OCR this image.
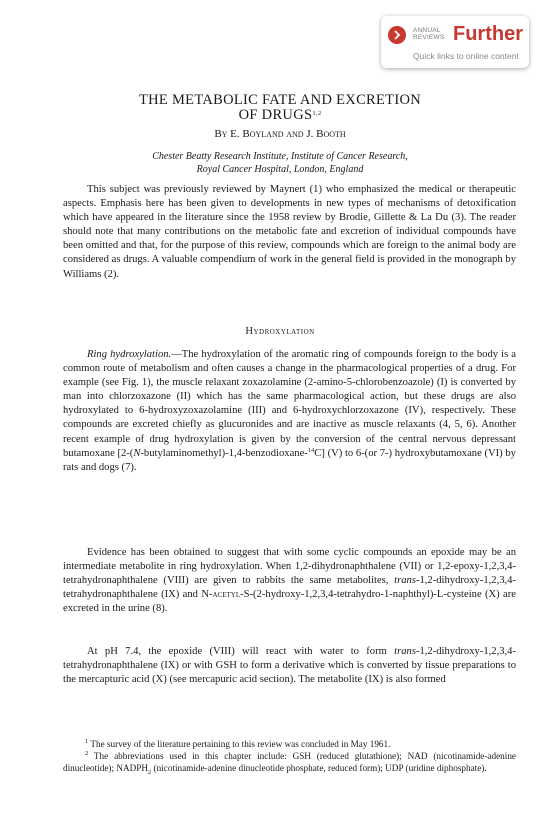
ANNUAL
REVIEWS Further
Quick links to online content
THE METABOLIC FATE AND EXCRETION
OF DRUGS$^{1,2}$
By E. Boyland and J. Booth
Chester Beatty Research Institute, Institute of Cancer Research,
Royal Cancer Hospital, London, England

This subject was previously reviewed by Maynert (1) who emphasized the medical or therapeutic aspects. Emphasis here has been given to developments in new types of mechanisms of detoxification which have appeared in the literature since the 1958 review by Brodie, Gillette & La Du (3). The reader should note that many contributions on the metabolic fate and excretion of individual compounds have been omitted and that, for the purpose of this review, compounds which are foreign to the animal body are considered as drugs. A valuable compendium of work in the general field is provided in the monograph by Williams (2).

Hydroxylation

Ring hydroxylation.—The hydroxylation of the aromatic ring of compounds foreign to the body is a common route of metabolism and often causes a change in the pharmacological properties of a drug. For example (see Fig. 1), the muscle relaxant zoxazolamine (2-amino-5-chlorobenzoazole) (I) is converted by man into chlorzoxazone (II) which has the same pharmacological action, but these drugs are also hydroxylated to 6-hydroxyzoxazolamine (III) and 6-hydroxychlorzoxazone (IV), respectively. These compounds are excreted chiefly as glucuronides and are inactive as muscle relaxants (4, 5, 6). Another recent example of drug hydroxylation is given by the conversion of the central nervous depressant butamoxane [2-(N-butylaminomethyl)-1,4-benzodioxane-$^{14}$C] (V) to 6-(or 7-) hydroxybutamoxane (VI) by rats and dogs (7).

Evidence has been obtained to suggest that with some cyclic compounds an epoxide may be an intermediate metabolite in ring hydroxylation. When 1,2-dihydronaphthalene (VII) or 1,2-epoxy-1,2,3,4-tetrahydronaphthalene (VIII) are given to rabbits the same metabolites, trans-1,2-dihydroxy-1,2,3,4-tetrahydronaphthalene (IX) and N-acetyl-S-(2-hydroxy-1,2,3,4-tetrahydro-1-naphthyl)-L-cysteine (X) are excreted in the urine (8).

At pH 7.4, the epoxide (VIII) will react with water to form trans-1,2-dihydroxy-1,2,3,4-tetrahydronaphthalene (IX) or with GSH to form a derivative which is converted by tissue preparations to the mercapturic acid (X) (see mercapuric acid section). The metabolite (IX) is also formed

$^1$ The survey of the literature pertaining to this review was concluded in May 1961.
$^2$ The abbreviations used in this chapter include: GSH (reduced glutathione); NAD (nicotinamide-adenine dinucleotide); $NADPH_2$ (nicotinamide-adenine dinucleotide phosphate, reduced form); UDP (uridine diphosphate).
